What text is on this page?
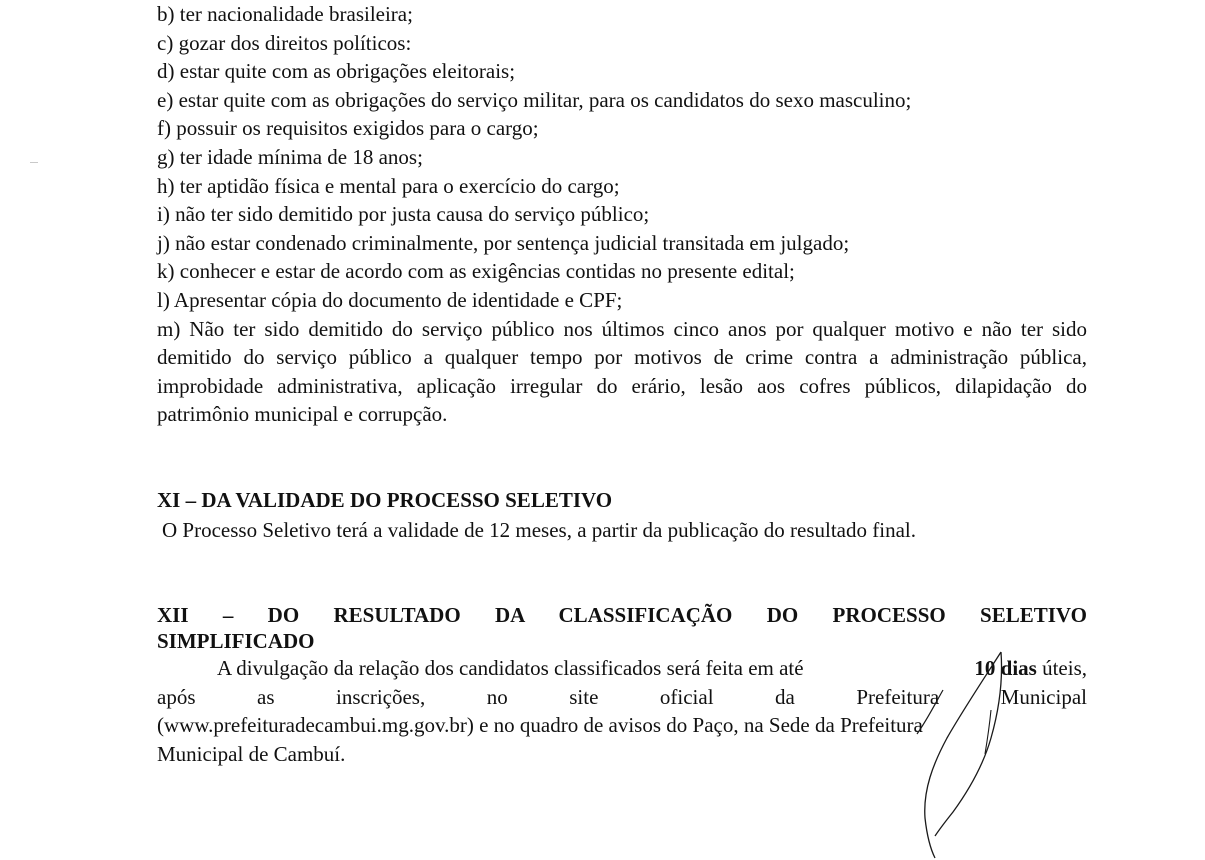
b) ter nacionalidade brasileira;

c) gozar dos direitos políticos:

d) estar quite com as obrigações eleitorais;

e) estar quite com as obrigações do serviço militar, para os candidatos do sexo masculino;

f) possuir os requisitos exigidos para o cargo;

g) ter idade mínima de 18 anos;

h) ter aptidão física e mental para o exercício do cargo;

i) não ter sido demitido por justa causa do serviço público;

j) não estar condenado criminalmente, por sentença judicial transitada em julgado;

k) conhecer e estar de acordo com as exigências contidas no presente edital;

l) Apresentar cópia do documento de identidade e CPF;

m) Não ter sido demitido do serviço público nos últimos cinco anos por qualquer motivo e não ter sido demitido do serviço público a qualquer tempo por motivos de crime contra a administração pública, improbidade administrativa, aplicação irregular do erário, lesão aos cofres públicos, dilapidação do patrimônio municipal e corrupção.

XI – DA VALIDADE DO PROCESSO SELETIVO

O Processo Seletivo terá a validade de 12 meses, a partir da publicação do resultado final.

XII – DO RESULTADO DA CLASSIFICAÇÃO DO PROCESSO SELETIVO
SIMPLIFICADO
A divulgação da relação dos candidatos classificados será feita em até	10 dias úteis,
após	as	inscrições,	no	site	oficial	da	Prefeitura	Municipal
(www.prefeituradecambui.mg.gov.br) e no quadro de avisos do Paço, na Sede da Prefeitura
Municipal de Cambuí.
